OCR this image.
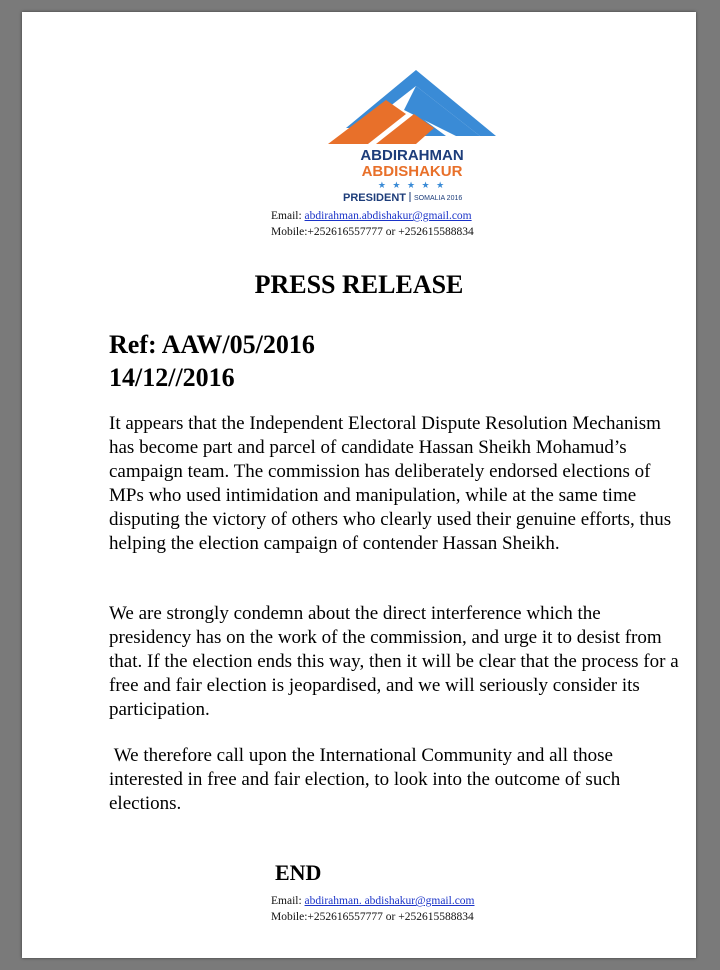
ABDIRAHMAN
ABDISHAKUR
★ ★ ★ ★ ★
PRESIDENT SOMALIA 2016
Email: abdirahman.abdishakur@gmail.com
Mobile:+252616557777 or +252615588834
PRESS RELEASE
Ref: AAW/05/2016
14/12//2016

It appears that the Independent Electoral Dispute Resolution Mechanism has become part and parcel of candidate Hassan Sheikh Mohamud’s campaign team. The commission has deliberately endorsed elections of MPs who used intimidation and manipulation, while at the same time disputing the victory of others who clearly used their genuine efforts, thus helping the election campaign of contender Hassan Sheikh.

We are strongly condemn about the direct interference which the presidency has on the work of the commission, and urge it to desist from that. If the election ends this way, then it will be clear that the process for a free and fair election is jeopardised, and we will seriously consider its participation.

We therefore call upon the International Community and all those interested in free and fair election, to look into the outcome of such elections.

END
Email: abdirahman. abdishakur@gmail.com
Mobile:+252616557777 or +252615588834
